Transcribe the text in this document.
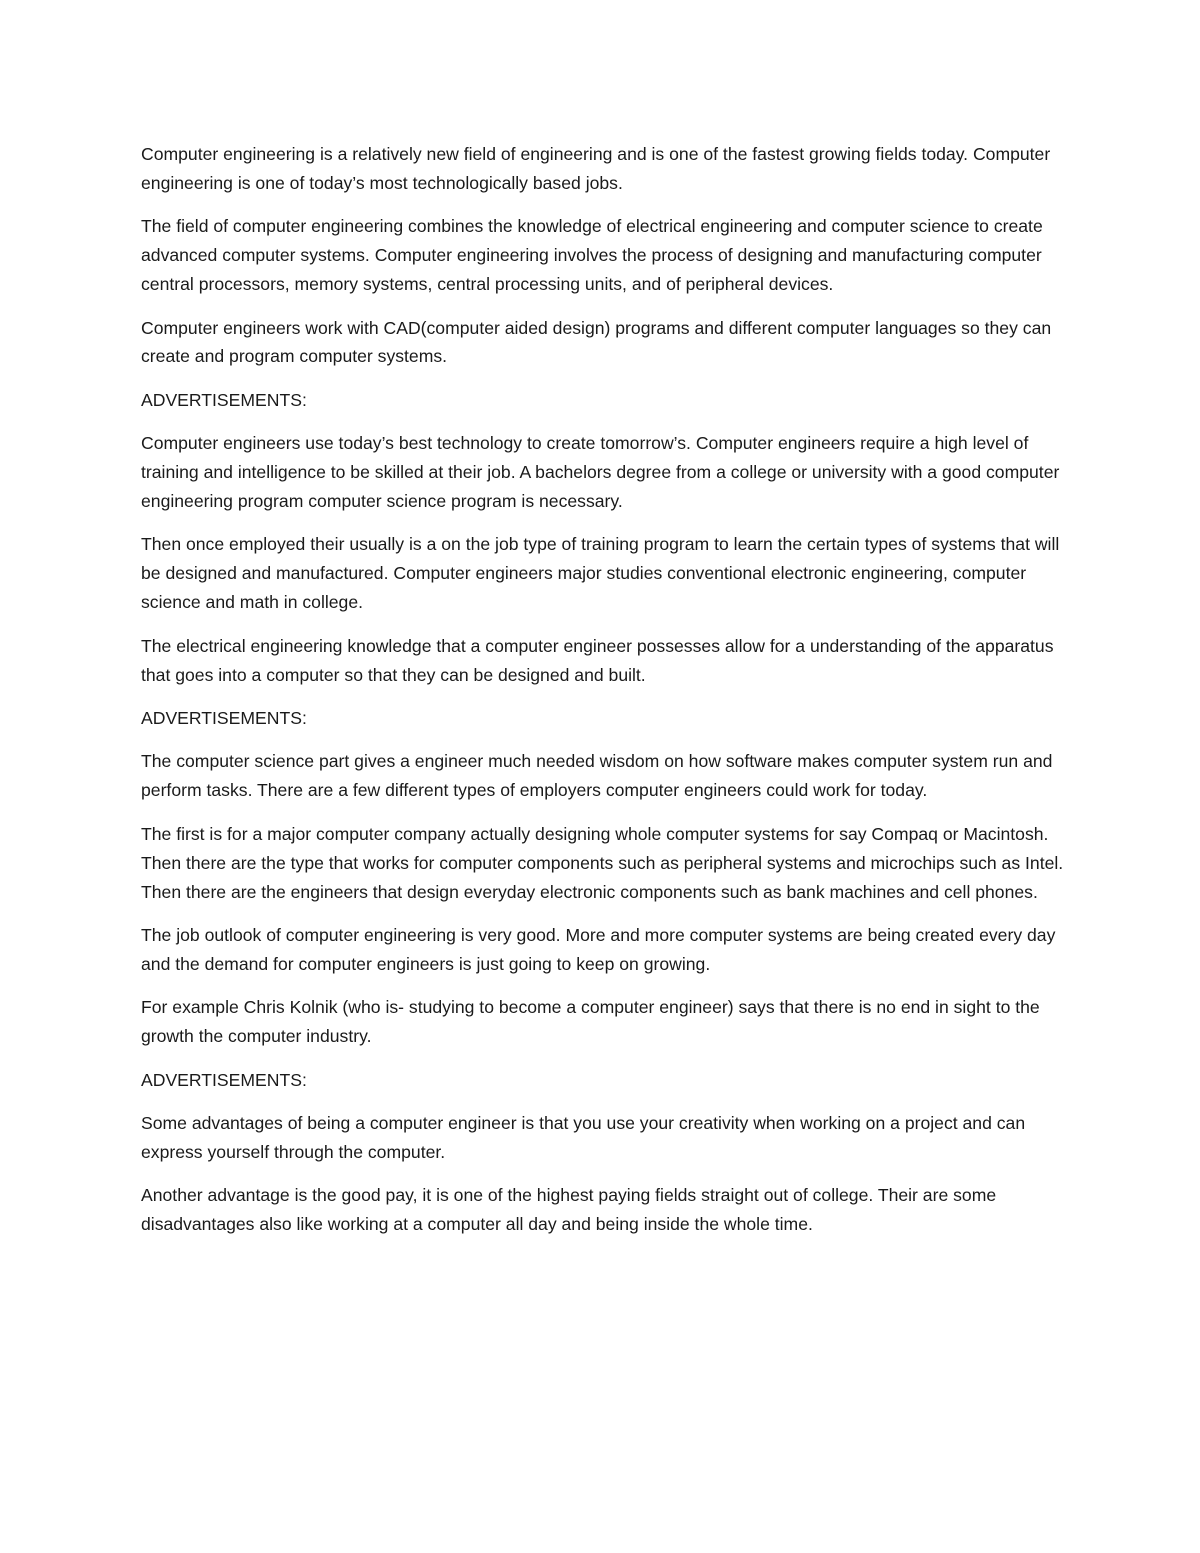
Computer engineering is a relatively new field of engineering and is one of the fastest growing fields today. Computer engineering is one of today’s most technologically based jobs.

The field of computer engineering combines the knowledge of electrical engineering and computer science to create advanced computer systems. Computer engineering involves the process of designing and manufacturing computer central processors, memory systems, central processing units, and of peripheral devices.

Computer engineers work with CAD(computer aided design) programs and different computer languages so they can create and program computer systems.

ADVERTISEMENTS:

Computer engineers use today’s best technology to create tomorrow’s. Computer engineers require a high level of training and intelligence to be skilled at their job. A bachelors degree from a college or university with a good computer engineering program computer science program is necessary.

Then once employed their usually is a on the job type of training program to learn the certain types of systems that will be designed and manufactured. Computer engineers major studies conventional electronic engineering, computer science and math in college.

The electrical engineering knowledge that a computer engineer possesses allow for a understanding of the apparatus that goes into a computer so that they can be designed and built.

ADVERTISEMENTS:

The computer science part gives a engineer much needed wisdom on how software makes computer system run and perform tasks. There are a few different types of employers computer engineers could work for today.

The first is for a major computer company actually designing whole computer systems for say Compaq or Macintosh. Then there are the type that works for computer components such as peripheral systems and microchips such as Intel. Then there are the engineers that design everyday electronic components such as bank machines and cell phones.

The job outlook of computer engineering is very good. More and more computer systems are being created every day and the demand for computer engineers is just going to keep on growing.

For example Chris Kolnik (who is- studying to become a computer engineer) says that there is no end in sight to the growth the computer industry.

ADVERTISEMENTS:

Some advantages of being a computer engineer is that you use your creativity when working on a project and can express yourself through the computer.

Another advantage is the good pay, it is one of the highest paying fields straight out of college. Their are some disadvantages also like working at a computer all day and being inside the whole time.
